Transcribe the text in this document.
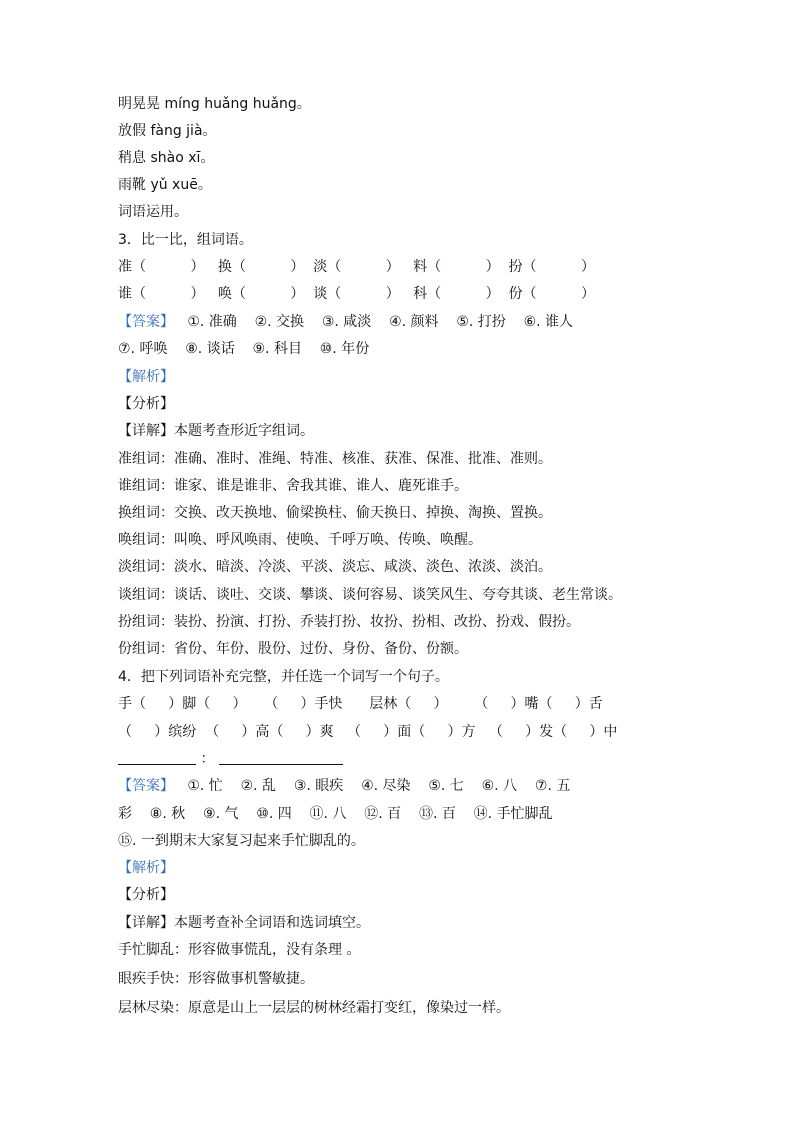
明晃晃 míng huǎng huǎng。

放假 fàng jià。

稍息 shào xī。

雨靴 yǔ xuē。

词语运用。

3．比一比，组词语。

准（          ）   换（          ）  淡（          ）   料（          ）  扮（          ）

谁（          ）   唤（          ）  谈（          ）   科（          ）  份（          ）

【答案】   ①. 准确    ②. 交换    ③. 咸淡    ④. 颜料    ⑤. 打扮    ⑥. 谁人

⑦. 呼唤    ⑧. 谈话    ⑨. 科目    ⑩. 年份

【解析】

【分析】

【详解】本题考查形近字组词。

准组词：准确、准时、准绳、特准、核准、获准、保准、批准、准则。

谁组词：谁家、谁是谁非、舍我其谁、谁人、鹿死谁手。

换组词：交换、改天换地、偷梁换柱、偷天换日、掉换、淘换、置换。

唤组词：叫唤、呼风唤雨、使唤、千呼万唤、传唤、唤醒。

淡组词：淡水、暗淡、冷淡、平淡、淡忘、咸淡、淡色、浓淡、淡泊。

谈组词：谈话、谈吐、交谈、攀谈、谈何容易、谈笑风生、夸夸其谈、老生常谈。

扮组词：装扮、扮演、打扮、乔装打扮、妆扮、扮相、改扮、扮戏、假扮。

份组词：省份、年份、股份、过份、身份、备份、份额。

4．把下列词语补充完整，并任选一个词写一个句子。

手（     ）脚（     ）    （     ）手快      层林（     ）      （     ）嘴（     ）舌

（     ）缤纷  （     ）高（     ）爽   （     ）面（     ）方   （     ）发（     ）中

：

【答案】   ①. 忙    ②. 乱    ③. 眼疾    ④. 尽染    ⑤. 七    ⑥. 八    ⑦. 五

彩    ⑧. 秋    ⑨. 气    ⑩. 四    ⑪. 八    ⑫. 百    ⑬. 百    ⑭. 手忙脚乱

⑮. 一到期末大家复习起来手忙脚乱的。

【解析】

【分析】

【详解】本题考查补全词语和选词填空。

手忙脚乱：形容做事慌乱，没有条理 。

眼疾手快：形容做事机警敏捷。

层林尽染：原意是山上一层层的树林经霜打变红，像染过一样。
